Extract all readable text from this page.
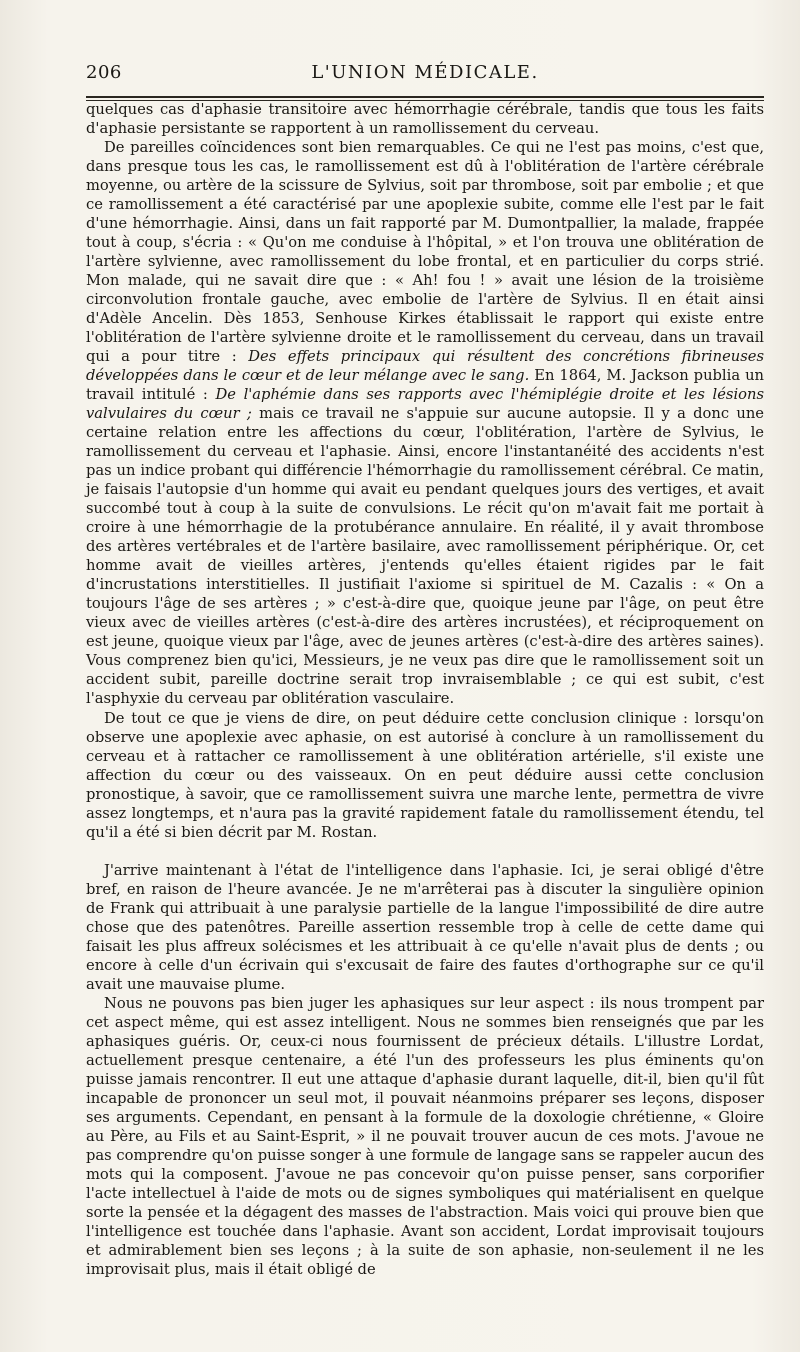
206	L'UNION MÉDICALE.

quelques cas d'aphasie transitoire avec hémorrhagie cérébrale, tandis que tous les faits d'aphasie persistante se rapportent à un ramollissement du cerveau.

De pareilles coïncidences sont bien remarquables. Ce qui ne l'est pas moins, c'est que, dans presque tous les cas, le ramollissement est dû à l'oblitération de l'artère cérébrale moyenne, ou artère de la scissure de Sylvius, soit par thrombose, soit par embolie ; et que ce ramollissement a été caractérisé par une apoplexie subite, comme elle l'est par le fait d'une hémorrhagie. Ainsi, dans un fait rapporté par M. Dumontpallier, la malade, frappée tout à coup, s'écria : « Qu'on me conduise à l'hôpital, » et l'on trouva une oblitération de l'artère sylvienne, avec ramollissement du lobe frontal, et en particulier du corps strié. Mon malade, qui ne savait dire que : « Ah! fou ! » avait une lésion de la troisième circonvolution frontale gauche, avec embolie de l'artère de Sylvius. Il en était ainsi d'Adèle Ancelin. Dès 1853, Senhouse Kirkes établissait le rapport qui existe entre l'oblitération de l'artère sylvienne droite et le ramollissement du cerveau, dans un travail qui a pour titre : Des effets principaux qui résultent des concrétions fibrineuses développées dans le cœur et de leur mélange avec le sang. En 1864, M. Jackson publia un travail intitulé : De l'aphémie dans ses rapports avec l'hémiplégie droite et les lésions valvulaires du cœur ; mais ce travail ne s'appuie sur aucune autopsie. Il y a donc une certaine relation entre les affections du cœur, l'oblitération, l'artère de Sylvius, le ramollissement du cerveau et l'aphasie. Ainsi, encore l'instantanéité des accidents n'est pas un indice probant qui différencie l'hémorrhagie du ramollissement cérébral. Ce matin, je faisais l'autopsie d'un homme qui avait eu pendant quelques jours des vertiges, et avait succombé tout à coup à la suite de convulsions. Le récit qu'on m'avait fait me portait à croire à une hémorrhagie de la protubérance annulaire. En réalité, il y avait thrombose des artères vertébrales et de l'artère basilaire, avec ramollissement périphérique. Or, cet homme avait de vieilles artères, j'entends qu'elles étaient rigides par le fait d'incrustations interstitielles. Il justifiait l'axiome si spirituel de M. Cazalis : « On a toujours l'âge de ses artères ; » c'est-à-dire que, quoique jeune par l'âge, on peut être vieux avec de vieilles artères (c'est-à-dire des artères incrustées), et réciproquement on est jeune, quoique vieux par l'âge, avec de jeunes artères (c'est-à-dire des artères saines). Vous comprenez bien qu'ici, Messieurs, je ne veux pas dire que le ramollissement soit un accident subit, pareille doctrine serait trop invraisemblable ; ce qui est subit, c'est l'asphyxie du cerveau par oblitération vasculaire.

De tout ce que je viens de dire, on peut déduire cette conclusion clinique : lorsqu'on observe une apoplexie avec aphasie, on est autorisé à conclure à un ramollissement du cerveau et à rattacher ce ramollissement à une oblitération artérielle, s'il existe une affection du cœur ou des vaisseaux. On en peut déduire aussi cette conclusion pronostique, à savoir, que ce ramollissement suivra une marche lente, permettra de vivre assez longtemps, et n'aura pas la gravité rapidement fatale du ramollissement étendu, tel qu'il a été si bien décrit par M. Rostan.

J'arrive maintenant à l'état de l'intelligence dans l'aphasie. Ici, je serai obligé d'être bref, en raison de l'heure avancée. Je ne m'arrêterai pas à discuter la singulière opinion de Frank qui attribuait à une paralysie partielle de la langue l'impossibilité de dire autre chose que des patenôtres. Pareille assertion ressemble trop à celle de cette dame qui faisait les plus affreux solécismes et les attribuait à ce qu'elle n'avait plus de dents ; ou encore à celle d'un écrivain qui s'excusait de faire des fautes d'orthographe sur ce qu'il avait une mauvaise plume.

Nous ne pouvons pas bien juger les aphasiques sur leur aspect : ils nous trompent par cet aspect même, qui est assez intelligent. Nous ne sommes bien renseignés que par les aphasiques guéris. Or, ceux-ci nous fournissent de précieux détails. L'illustre Lordat, actuellement presque centenaire, a été l'un des professeurs les plus éminents qu'on puisse jamais rencontrer. Il eut une attaque d'aphasie durant laquelle, dit-il, bien qu'il fût incapable de prononcer un seul mot, il pouvait néanmoins préparer ses leçons, disposer ses arguments. Cependant, en pensant à la formule de la doxologie chrétienne, « Gloire au Père, au Fils et au Saint-Esprit, » il ne pouvait trouver aucun de ces mots. J'avoue ne pas comprendre qu'on puisse songer à une formule de langage sans se rappeler aucun des mots qui la composent. J'avoue ne pas concevoir qu'on puisse penser, sans corporifier l'acte intellectuel à l'aide de mots ou de signes symboliques qui matérialisent en quelque sorte la pensée et la dégagent des masses de l'abstraction. Mais voici qui prouve bien que l'intelligence est touchée dans l'aphasie. Avant son accident, Lordat improvisait toujours et admirablement bien ses leçons ; à la suite de son aphasie, non-seulement il ne les improvisait plus, mais il était obligé de
